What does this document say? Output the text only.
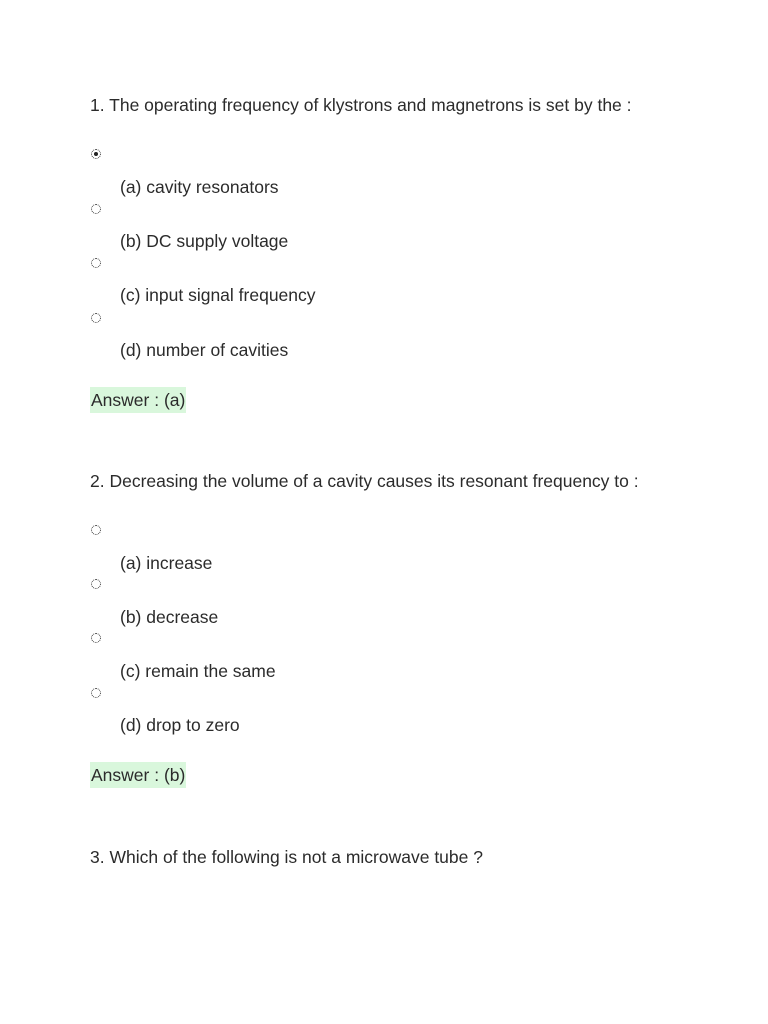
1. The operating frequency of klystrons and magnetrons is set by the :
(a) cavity resonators
(b) DC supply voltage
(c) input signal frequency
(d) number of cavities
Answer : (a)
2. Decreasing the volume of a cavity causes its resonant frequency to :
(a) increase
(b) decrease
(c) remain the same
(d) drop to zero
Answer : (b)
3. Which of the following is not a microwave tube ?
